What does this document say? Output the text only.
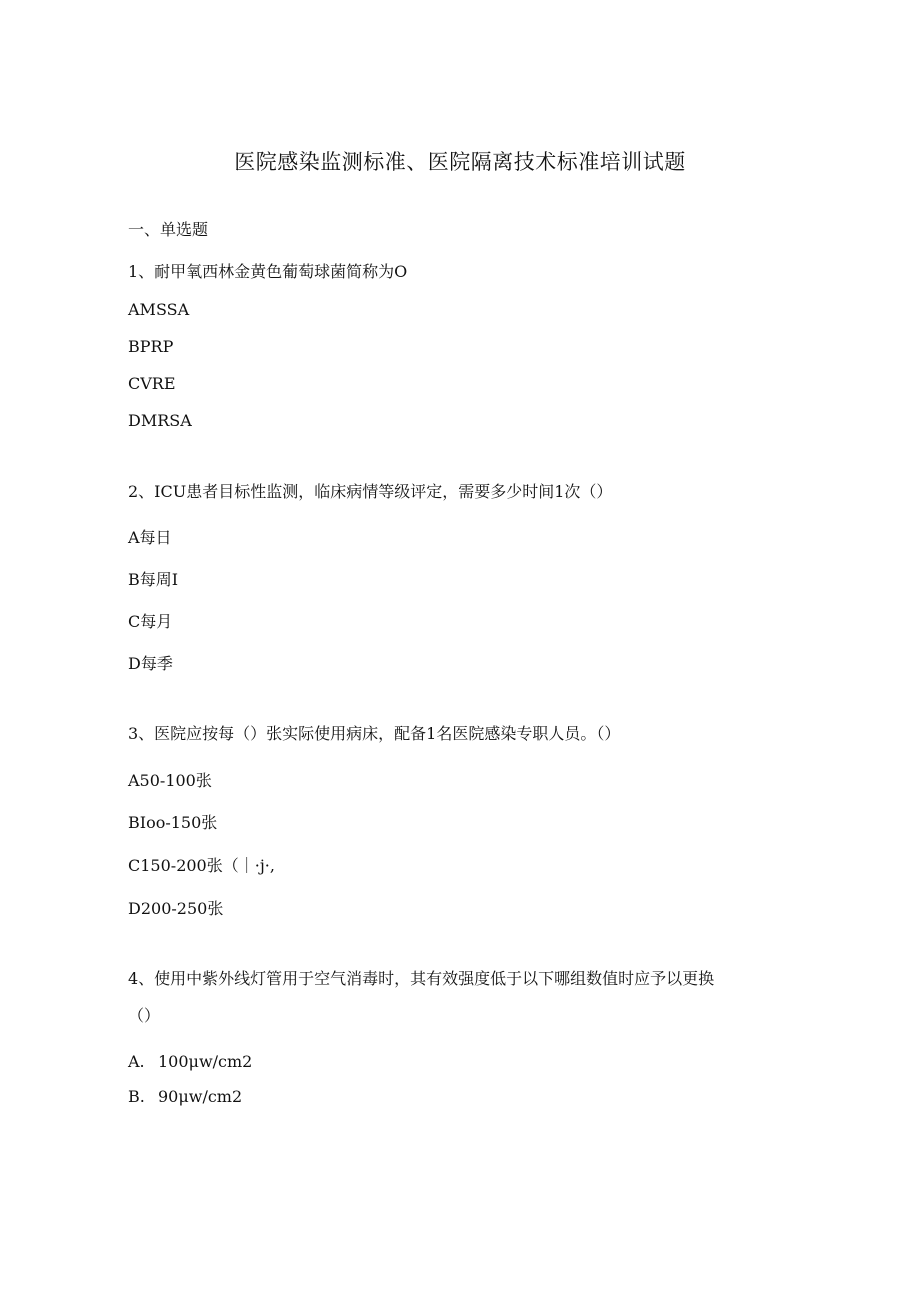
医院感染监测标准、医院隔离技术标准培训试题
一、单选题
1、耐甲氧西林金黄色葡萄球菌简称为O
AMSSA
BPRP
CVRE
DMRSA
2、ICU患者目标性监测，临床病情等级评定，需要多少时间1次（）
A每日
B每周I
C每月
D每季
3、医院应按每（）张实际使用病床，配备1名医院感染专职人员。（）
A50-100张
BIoo-150张
C150-200张（｜·j·,
D200-250张
4、使用中紫外线灯管用于空气消毒时，其有效强度低于以下哪组数值时应予以更换
（）
A. 100μw∕cm2
B. 90μw∕cm2
